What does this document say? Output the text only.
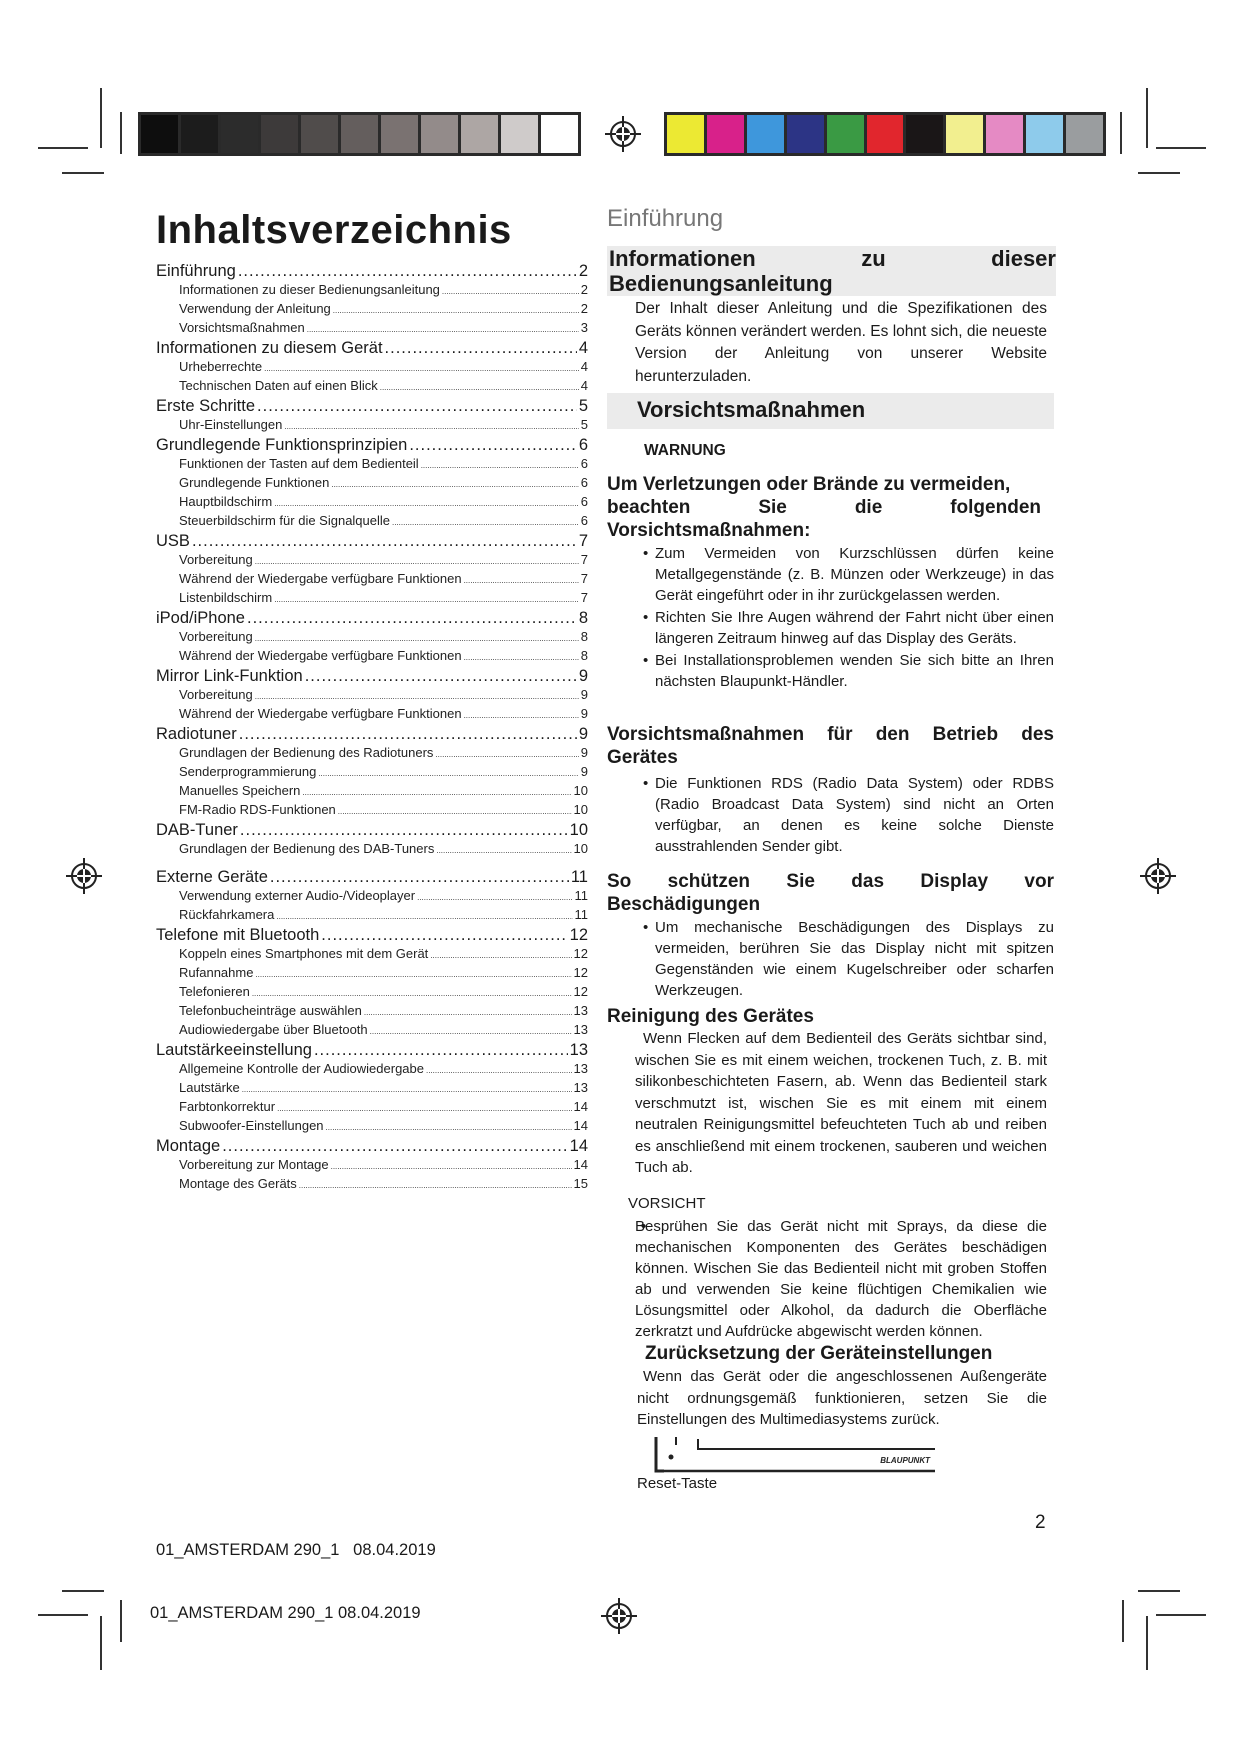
Inhaltsverzeichnis
Einführung .....	2
Informationen zu dieser Bedienungsanleitung .....	2
Verwendung der Anleitung .....	2
Vorsichtsmaßnahmen .....	3
Informationen zu diesem Gerät .....	4
Urheberrechte .....	4
Technischen Daten auf einen Blick .....	4
Erste Schritte .....	5
Uhr-Einstellungen .....	5
Grundlegende Funktionsprinzipien .....	6
Funktionen der Tasten auf dem Bedienteil .....	6
Grundlegende Funktionen .....	6
Hauptbildschirm .....	6
Steuerbildschirm für die Signalquelle .....	6
USB .....	7
Vorbereitung .....	7
Während der Wiedergabe verfügbare Funktionen .....	7
Listenbildschirm .....	7
iPod/iPhone .....	8
Vorbereitung .....	8
Während der Wiedergabe verfügbare Funktionen .....	8
Mirror Link-Funktion .....	9
Vorbereitung .....	9
Während der Wiedergabe verfügbare Funktionen .....	9
Radiotuner .....	9
Grundlagen der Bedienung des Radiotuners .....	9
Senderprogrammierung .....	9
Manuelles Speichern .....	10
FM-Radio RDS-Funktionen .....	10
DAB-Tuner .....	10
Grundlagen der Bedienung des DAB-Tuners .....	10
Externe Geräte .....	11
Verwendung externer Audio-/Videoplayer .....	11
Rückfahrkamera .....	11
Telefone mit Bluetooth .....	12
Koppeln eines Smartphones mit dem Gerät .....	12
Rufannahme .....	12
Telefonieren .....	12
Telefonbucheinträge auswählen .....	13
Audiowiedergabe über Bluetooth .....	13
Lautstärkeeinstellung .....	13
Allgemeine Kontrolle der Audiowiedergabe .....	13
Lautstärke .....	13
Farbtonkorrektur .....	14
Subwoofer-Einstellungen .....	14
Montage .....	14
Vorbereitung zur Montage .....	14
Montage des Geräts .....	15
Einführung
Informationen	zu	dieser
Bedienungsanleitung
Der Inhalt dieser Anleitung und die Spezifikationen des Geräts können verändert werden. Es lohnt sich, die neueste Version der Anleitung von unserer Website herunterzuladen.
Vorsichtsmaßnahmen
WARNUNG
Um Verletzungen oder Brände zu vermeiden,
beachten	Sie	die	folgenden
Vorsichtsmaßnahmen:
• Zum Vermeiden von Kurzschlüssen dürfen keine Metallgegenstände (z. B. Münzen oder Werkzeuge) in das Gerät eingeführt oder in ihr zurückgelassen werden.
• Richten Sie Ihre Augen während der Fahrt nicht über einen längeren Zeitraum hinweg auf das Display des Geräts.
• Bei Installationsproblemen wenden Sie sich bitte an Ihren nächsten Blaupunkt-Händler.
Vorsichtsmaßnahmen für den Betrieb des
Gerätes
• Die Funktionen RDS (Radio Data System) oder RDBS (Radio Broadcast Data System) sind nicht an Orten verfügbar, an denen es keine solche Dienste ausstrahlenden Sender gibt.
So schützen Sie das Display vor
Beschädigungen
• Um mechanische Beschädigungen des Displays zu vermeiden, berühren Sie das Display nicht mit spitzen Gegenständen wie einem Kugelschreiber oder scharfen Werkzeugen.
Reinigung des Gerätes
Wenn Flecken auf dem Bedienteil des Geräts sichtbar sind, wischen Sie es mit einem weichen, trockenen Tuch, z. B. mit silikonbeschichteten Fasern, ab. Wenn das Bedienteil stark verschmutzt ist, wischen Sie es mit einem mit einem neutralen Reinigungsmittel befeuchteten Tuch ab und reiben es anschließend mit einem trockenen, sauberen und weichen Tuch ab.
VORSICHT
• Besprühen Sie das Gerät nicht mit Sprays, da diese die mechanischen Komponenten des Gerätes beschädigen können. Wischen Sie das Bedienteil nicht mit groben Stoffen ab und verwenden Sie keine flüchtigen Chemikalien wie Lösungsmittel oder Alkohol, da dadurch die Oberfläche zerkratzt und Aufdrücke abgewischt werden können.
Zurücksetzung der Geräteinstellungen
Wenn das Gerät oder die angeschlossenen Außengeräte nicht ordnungsgemäß funktionieren, setzen Sie die Einstellungen des Multimediasystems zurück.
BLAUPUNKT
Reset-Taste
2
01_AMSTERDAM 290_1   08.04.2019
01_AMSTERDAM 290_1 08.04.2019
